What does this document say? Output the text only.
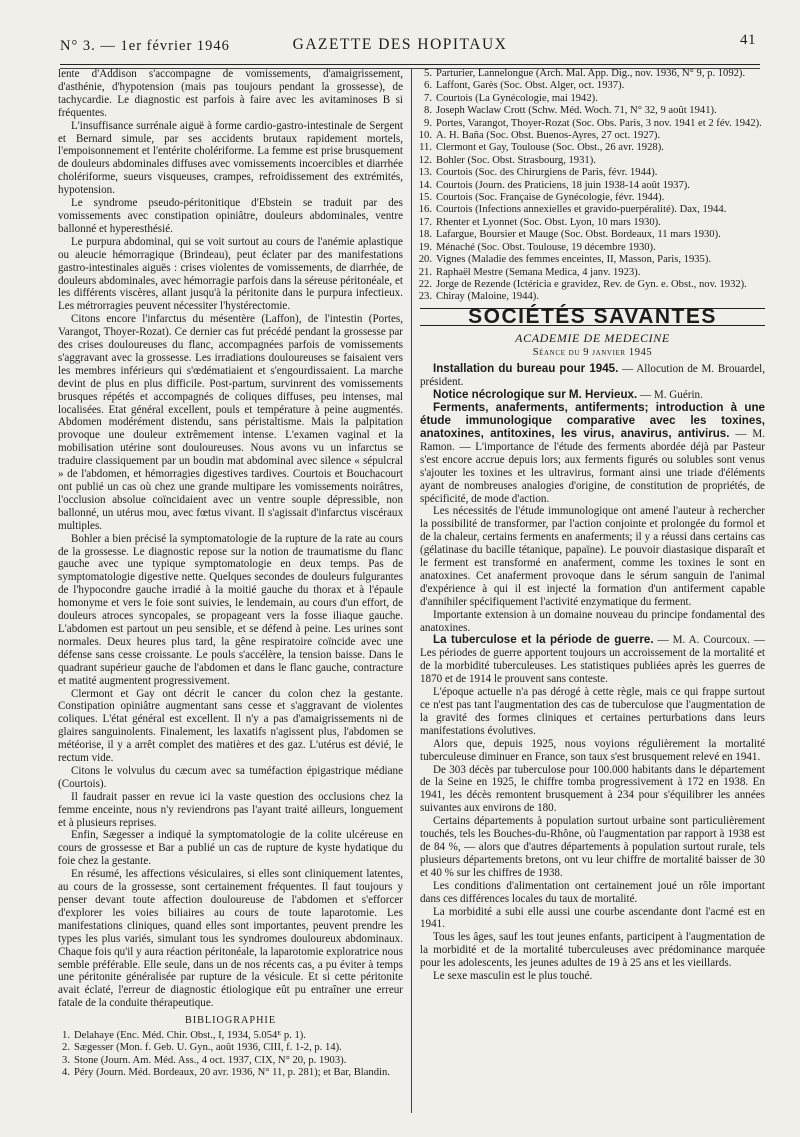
N° 3. — 1er février 1946	GAZETTE DES HOPITAUX	41

lente d'Addison s'accompagne de vomissements, d'amaigrissement, d'asthénie, d'hypotension (mais pas toujours pendant la grossesse), de tachycardie. Le diagnostic est parfois à faire avec les avitaminoses B si fréquentes.

L'insuffisance surrénale aiguë à forme cardio-gastro-intestinale de Sergent et Bernard simule, par ses accidents brutaux rapidement mortels, l'empoisonnement et l'entérite cholériforme. La femme est prise brusquement de douleurs abdominales diffuses avec vomissements incoercibles et diarrhée cholériforme, sueurs visqueuses, crampes, refroidissement des extrémités, hypotension.

Le syndrome pseudo-péritonitique d'Ebstein se traduit par des vomissements avec constipation opiniâtre, douleurs abdominales, ventre ballonné et hyperesthésié.

Le purpura abdominal, qui se voit surtout au cours de l'anémie aplastique ou aleucie hémorragique (Brindeau), peut éclater par des manifestations gastro-intestinales aiguës : crises violentes de vomissements, de diarrhée, de douleurs abdominales, avec hémorragie parfois dans la séreuse péritonéale, et les différents viscères, allant jusqu'à la péritonite dans le purpura infectieux. Les métrorragies peuvent nécessiter l'hystérectomie.

Citons encore l'infarctus du mésentère (Laffon), de l'intestin (Portes, Varangot, Thoyer-Rozat). Ce dernier cas fut précédé pendant la grossesse par des crises douloureuses du flanc, accompagnées parfois de vomissements s'aggravant avec la grossesse. Les irradiations douloureuses se faisaient vers les membres inférieurs qui s'œdématiaient et s'engourdissaient. La marche devint de plus en plus difficile. Post-partum, survinrent des vomissements brusques répétés et accompagnés de coliques diffuses, peu intenses, mal localisées. Etat général excellent, pouls et température à peine augmentés. Abdomen modérément distendu, sans péristaltisme. Mais la palpitation provoque une douleur extrêmement intense. L'examen vaginal et la mobilisation utérine sont douloureuses. Nous avons vu un infarctus se traduire classiquement par un boudin mat abdominal avec silence « sépulcral » de l'abdomen, et hémorragies digestives tardives. Courtois et Bouchacourt ont publié un cas où chez une grande multipare les vomissements noirâtres, l'occlusion absolue coïncidaient avec un ventre souple dépressible, non ballonné, un utérus mou, avec fœtus vivant. Il s'agissait d'infarctus viscéraux multiples.

Bohler a bien précisé la symptomatologie de la rupture de la rate au cours de la grossesse. Le diagnostic repose sur la notion de traumatisme du flanc gauche avec une typique symptomatologie en deux temps. Pas de symptomatologie digestive nette. Quelques secondes de douleurs fulgurantes de l'hypocondre gauche irradié à la moitié gauche du thorax et à l'épaule homonyme et vers le foie sont suivies, le lendemain, au cours d'un effort, de douleurs atroces syncopales, se propageant vers la fosse iliaque gauche. L'abdomen est partout un peu sensible, et se défend à peine. Les urines sont normales. Deux heures plus tard, la gêne respiratoire coïncide avec une défense sans cesse croissante. Le pouls s'accélère, la tension baisse. Dans le quadrant supérieur gauche de l'abdomen et dans le flanc gauche, contracture et matité augmentent progressivement.

Clermont et Gay ont décrit le cancer du colon chez la gestante. Constipation opiniâtre augmentant sans cesse et s'aggravant de violentes coliques. L'état général est excellent. Il n'y a pas d'amaigrissements ni de glaires sanguinolents. Finalement, les laxatifs n'agissent plus, l'abdomen se météorise, il y a arrêt complet des matières et des gaz. L'utérus est dévié, le rectum vide.

Citons le volvulus du cæcum avec sa tuméfaction épigastrique médiane (Courtois).

Il faudrait passer en revue ici la vaste question des occlusions chez la femme enceinte, nous n'y reviendrons pas l'ayant traité ailleurs, longuement et à plusieurs reprises.

Enfin, Sægesser a indiqué la symptomatologie de la colite ulcéreuse en cours de grossesse et Bar a publié un cas de rupture de kyste hydatique du foie chez la gestante.

En résumé, les affections vésiculaires, si elles sont cliniquement latentes, au cours de la grossesse, sont certainement fréquentes. Il faut toujours y penser devant toute affection douloureuse de l'abdomen et s'efforcer d'explorer les voies biliaires au cours de toute laparotomie. Les manifestations cliniques, quand elles sont importantes, peuvent prendre les types les plus variés, simulant tous les syndromes douloureux abdominaux. Chaque fois qu'il y aura réaction péritonéale, la laparotomie exploratrice nous semble préférable. Elle seule, dans un de nos récents cas, a pu éviter à temps une péritonite généralisée par rupture de la vésicule. Et si cette péritonite avait éclaté, l'erreur de diagnostic étiologique eût pu entraîner une erreur fatale de la conduite thérapeutique.

BIBLIOGRAPHIE
1. Delahaye (Enc. Méd. Chir. Obst., I, 1934, 5.054ᴱ p. 1).
2. Sægesser (Mon. f. Geb. U. Gyn., août 1936, CIII, f. 1-2, p. 14).
3. Stone (Journ. Am. Méd. Ass., 4 oct. 1937, CIX, N° 20, p. 1903).
4. Péry (Journ. Méd. Bordeaux, 20 avr. 1936, N° 11, p. 281); et Bar, Blandin.
5. Parturier, Lannelongue (Arch. Mal. App. Dig., nov. 1936, N° 9, p. 1092).
6. Laffont, Garès (Soc. Obst. Alger, oct. 1937).
7. Courtois (La Gynécologie, mai 1942).
8. Joseph Waclaw Crott (Schw. Méd. Woch. 71, N° 32, 9 août 1941).
9. Portes, Varangot, Thoyer-Rozat (Soc. Obs. Paris, 3 nov. 1941 et 2 fév. 1942).
10. A. H. Baña (Soc. Obst. Buenos-Ayres, 27 oct. 1927).
11. Clermont et Gay, Toulouse (Soc. Obst., 26 avr. 1928).
12. Bohler (Soc. Obst. Strasbourg, 1931).
13. Courtois (Soc. des Chirurgiens de Paris, févr. 1944).
14. Courtois (Journ. des Praticiens, 18 juin 1938-14 août 1937).
15. Courtois (Soc. Française de Gynécologie, févr. 1944).
16. Courtois (Infections annexielles et gravido-puerpéralité). Dax, 1944.
17. Rhenter et Lyonnet (Soc. Obst. Lyon, 10 mars 1930).
18. Lafargue, Boursier et Mauge (Soc. Obst. Bordeaux, 11 mars 1930).
19. Ménaché (Soc. Obst. Toulouse, 19 décembre 1930).
20. Vignes (Maladie des femmes enceintes, II, Masson, Paris, 1935).
21. Raphaël Mestre (Semana Medica, 4 janv. 1923).
22. Jorge de Rezende (Ictéricia e gravidez, Rev. de Gyn. e. Obst., nov. 1932).
23. Chiray (Maloine, 1944).
SOCIÉTÉS SAVANTES
ACADEMIE DE MEDECINE
Séance du 9 janvier 1945

Installation du bureau pour 1945. — Allocution de M. Brouardel, président.

Notice nécrologique sur M. Hervieux. — M. Guérin.

Ferments, anaferments, antiferments; introduction à une étude immunologique comparative avec les toxines, anatoxines, antitoxines, les virus, anavirus, antivirus. — M. Ramon. — L'importance de l'étude des ferments abordée déjà par Pasteur s'est encore accrue depuis lors; aux ferments figurés ou solubles sont venus s'ajouter les toxines et les ultravirus, formant ainsi une triade d'éléments ayant de nombreuses analogies d'origine, de constitution de propriétés, de spécificité, de mode d'action.

Les nécessités de l'étude immunologique ont amené l'auteur à rechercher la possibilité de transformer, par l'action conjointe et prolongée du formol et de la chaleur, certains ferments en anaferments; il y a réussi dans certains cas (gélatinase du bacille tétanique, papaïne). Le pouvoir diastasique disparaît et le ferment est transformé en anaferment, comme les toxines le sont en anatoxines. Cet anaferment provoque dans le sérum sanguin de l'animal d'expérience à qui il est injecté la formation d'un antiferment capable d'annihiler spécifiquement l'activité enzymatique du ferment.

Importante extension à un domaine nouveau du principe fondamental des anatoxines.

La tuberculose et la période de guerre. — M. A. Courcoux. — Les périodes de guerre apportent toujours un accroissement de la mortalité et de la morbidité tuberculeuses. Les statistiques publiées après les guerres de 1870 et de 1914 le prouvent sans conteste.

L'époque actuelle n'a pas dérogé à cette règle, mais ce qui frappe surtout ce n'est pas tant l'augmentation des cas de tuberculose que l'augmentation de la gravité des formes cliniques et certaines perturbations dans leurs manifestations évolutives.

Alors que, depuis 1925, nous voyions régulièrement la mortalité tuberculeuse diminuer en France, son taux s'est brusquement relevé en 1941.

De 303 décès par tuberculose pour 100.000 habitants dans le département de la Seine en 1925, le chiffre tomba progressivement à 172 en 1938. En 1941, les décès remontent brusquement à 234 pour s'équilibrer les années suivantes aux environs de 180.

Certains départements à population surtout urbaine sont particulièrement touchés, tels les Bouches-du-Rhône, où l'augmentation par rapport à 1938 est de 84 %, — alors que d'autres départements à population surtout rurale, tels plusieurs départements bretons, ont vu leur chiffre de mortalité baisser de 30 et 40 % sur les chiffres de 1938.

Les conditions d'alimentation ont certainement joué un rôle important dans ces différences locales du taux de mortalité.

La morbidité a subi elle aussi une courbe ascendante dont l'acmé est en 1941.

Tous les âges, sauf les tout jeunes enfants, participent à l'augmentation de la morbidité et de la mortalité tuberculeuses avec prédominance marquée pour les adolescents, les jeunes adultes de 19 à 25 ans et les vieillards.

Le sexe masculin est le plus touché.
